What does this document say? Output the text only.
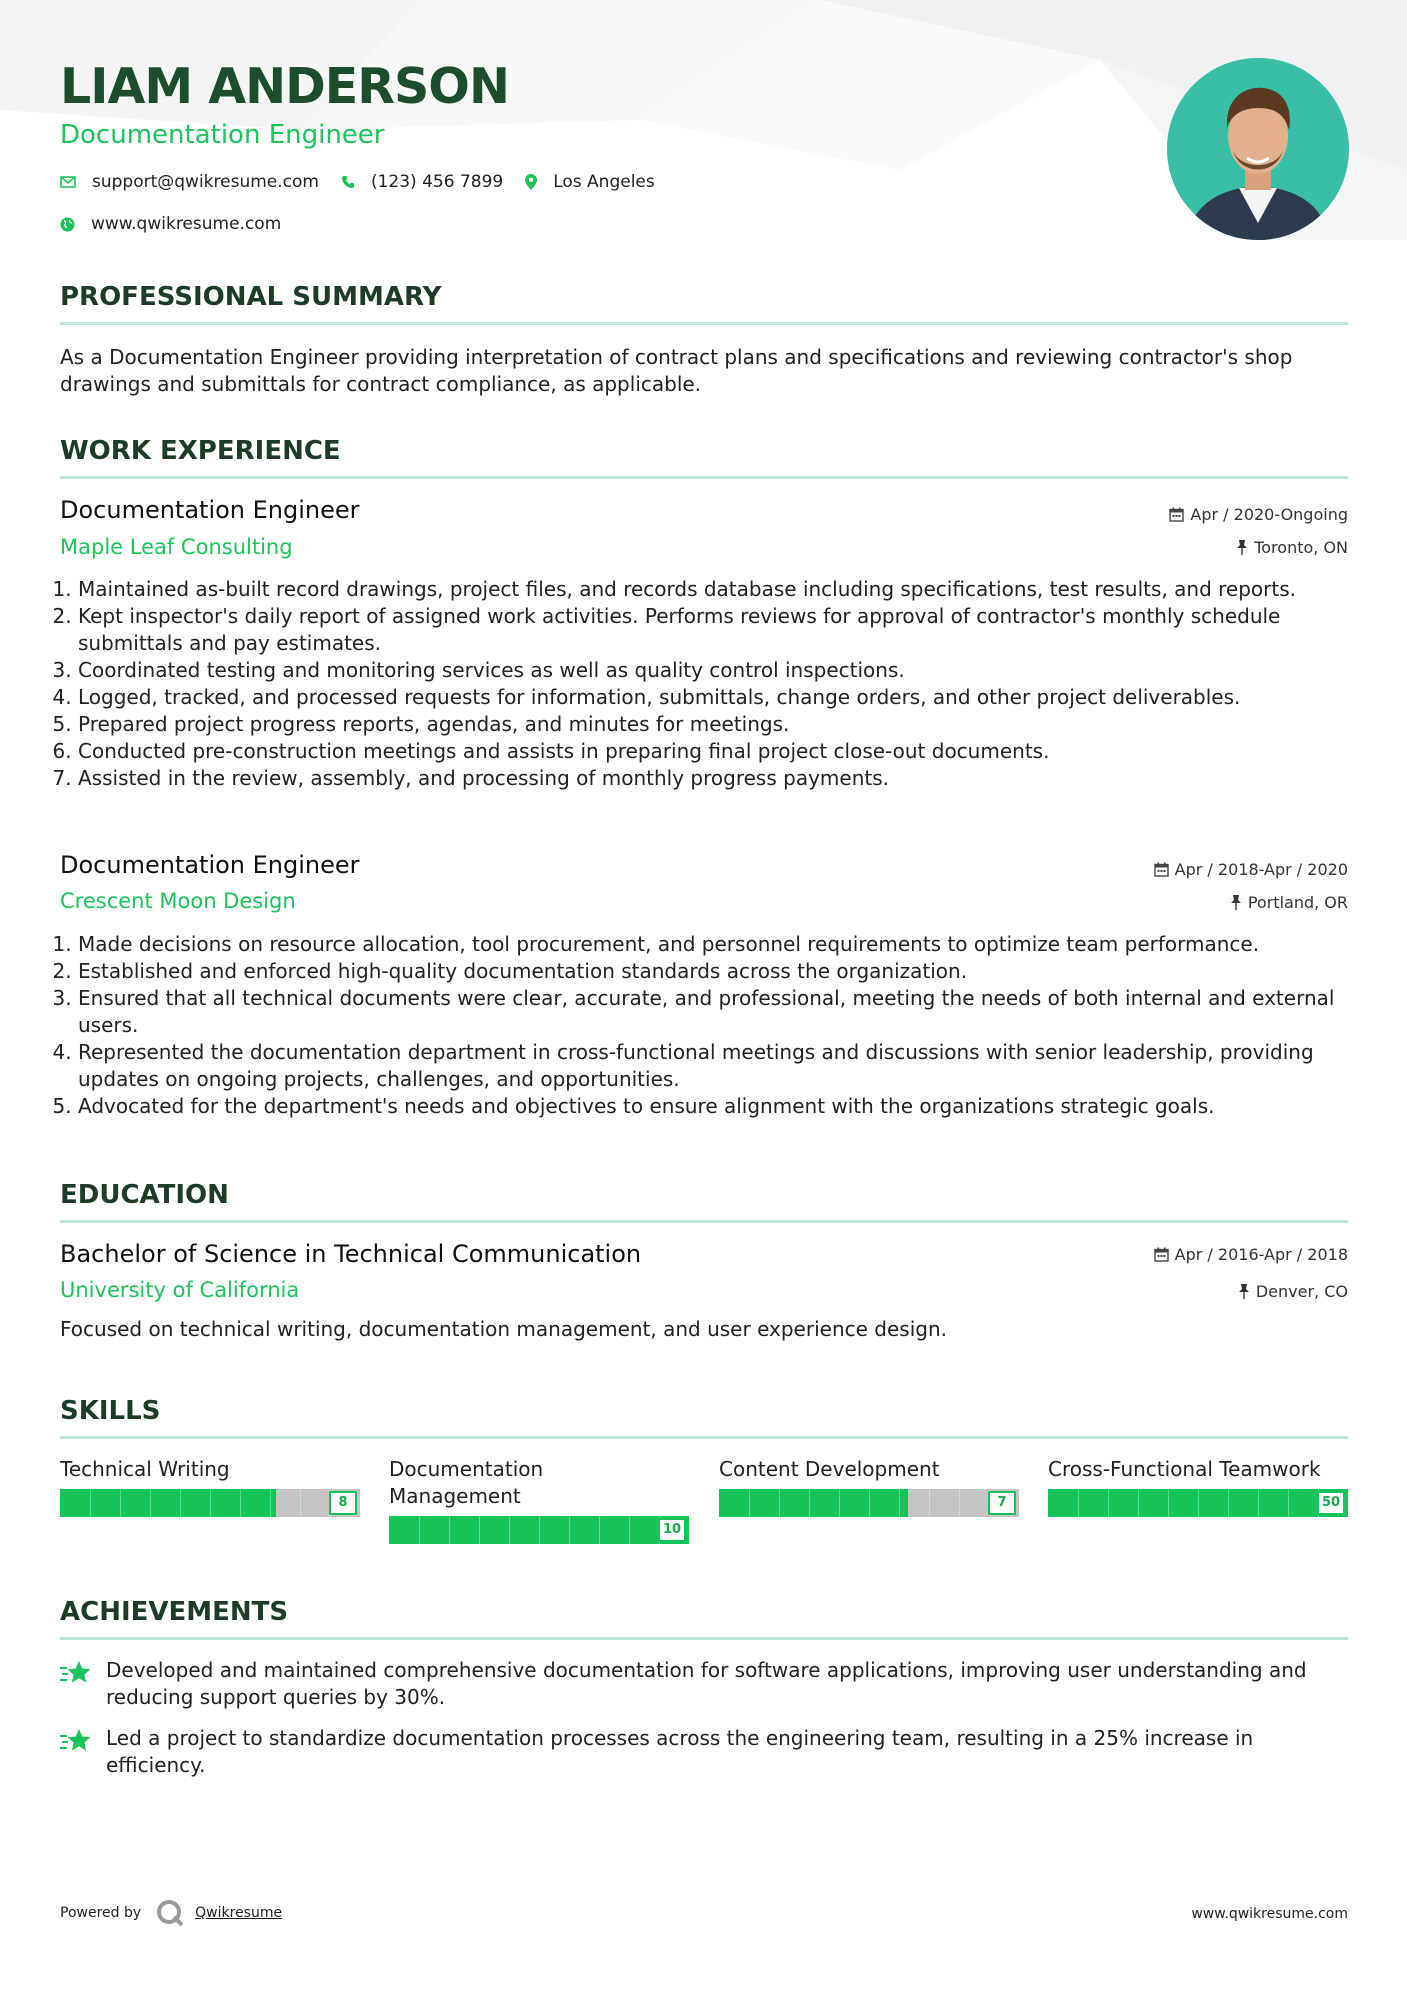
LIAM ANDERSON
Documentation Engineer
support@qwikresume.com	(123) 456 7899	Los Angeles
www.qwikresume.com
PROFESSIONAL SUMMARY

As a Documentation Engineer providing interpretation of contract plans and specifications and reviewing contractor's shop drawings and submittals for contract compliance, as applicable.

WORK EXPERIENCE
Documentation Engineer	Apr / 2020-Ongoing
Maple Leaf Consulting	Toronto, ON
1. Maintained as-built record drawings, project files, and records database including specifications, test results, and reports.
2. Kept inspector's daily report of assigned work activities. Performs reviews for approval of contractor's monthly schedule submittals and pay estimates.
3. Coordinated testing and monitoring services as well as quality control inspections.
4. Logged, tracked, and processed requests for information, submittals, change orders, and other project deliverables.
5. Prepared project progress reports, agendas, and minutes for meetings.
6. Conducted pre-construction meetings and assists in preparing final project close-out documents.
7. Assisted in the review, assembly, and processing of monthly progress payments.
Documentation Engineer	Apr / 2018-Apr / 2020
Crescent Moon Design	Portland, OR
1. Made decisions on resource allocation, tool procurement, and personnel requirements to optimize team performance.
2. Established and enforced high-quality documentation standards across the organization.
3. Ensured that all technical documents were clear, accurate, and professional, meeting the needs of both internal and external users.
4. Represented the documentation department in cross-functional meetings and discussions with senior leadership, providing updates on ongoing projects, challenges, and opportunities.
5. Advocated for the department's needs and objectives to ensure alignment with the organizations strategic goals.
EDUCATION
Bachelor of Science in Technical Communication	Apr / 2016-Apr / 2018
University of California	Denver, CO

Focused on technical writing, documentation management, and user experience design.

SKILLS
Technical Writing
8
Documentation Management
10
Content Development
7
Cross-Functional Teamwork
50
ACHIEVEMENTS
Developed and maintained comprehensive documentation for software applications, improving user understanding and reducing support queries by 30%.
Led a project to standardize documentation processes across the engineering team, resulting in a 25% increase in efficiency.
Powered by	Qwikresume	www.qwikresume.com
